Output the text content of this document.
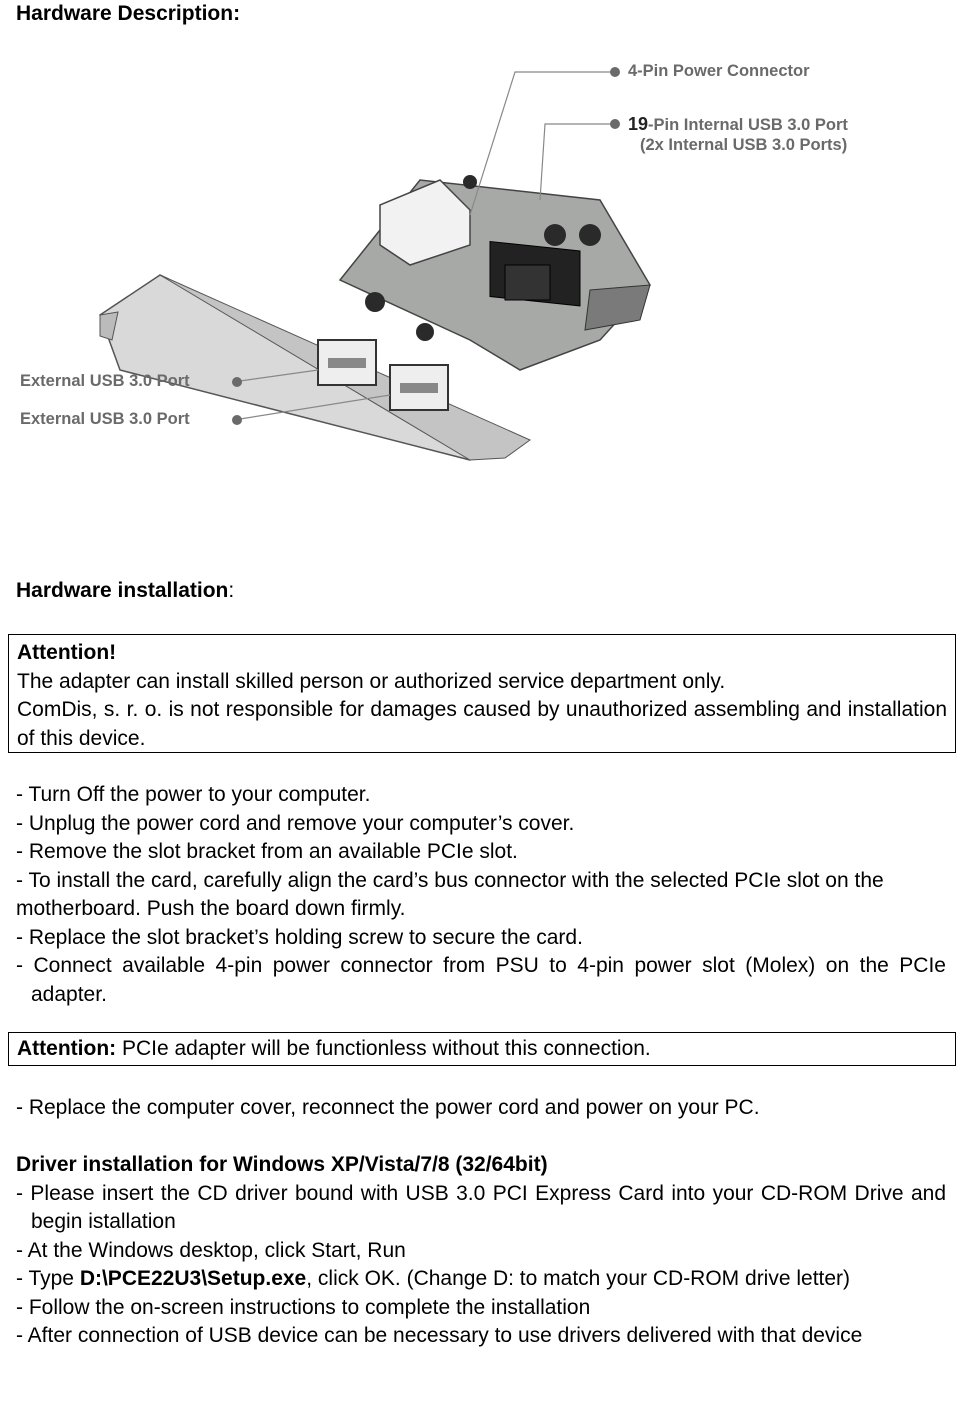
Hardware Description:
4-Pin Power Connector
19-Pin Internal USB 3.0 Port
(2x Internal USB 3.0 Ports)
External USB 3.0 Port
External USB 3.0 Port
Hardware installation:
Attention!
The adapter can install skilled person or authorized service department only.
ComDis, s. r. o. is not responsible for damages caused by unauthorized assembling and installation of this device.
- Turn Off the power to your computer.
- Unplug the power cord and remove your computer’s cover.
- Remove the slot bracket from an available PCIe slot.
- To install the card, carefully align the card’s bus connector with the selected PCIe slot on the motherboard. Push the board down firmly.
- Replace the slot bracket’s holding screw to secure the card.
- Connect available 4-pin power connector from PSU to 4-pin power slot (Molex) on the PCIe adapter.
Attention: PCIe adapter will be functionless without this connection.
- Replace the computer cover, reconnect the power cord and power on your PC.
Driver installation for Windows XP/Vista/7/8 (32/64bit)
- Please insert the CD driver bound with USB 3.0 PCI Express Card into your CD-ROM Drive and begin istallation
- At the Windows desktop, click Start, Run
- Type D:\PCE22U3\Setup.exe, click OK. (Change D: to match your CD-ROM drive letter)
- Follow the on-screen instructions to complete the installation
- After connection of USB device can be necessary to use drivers delivered with that device
